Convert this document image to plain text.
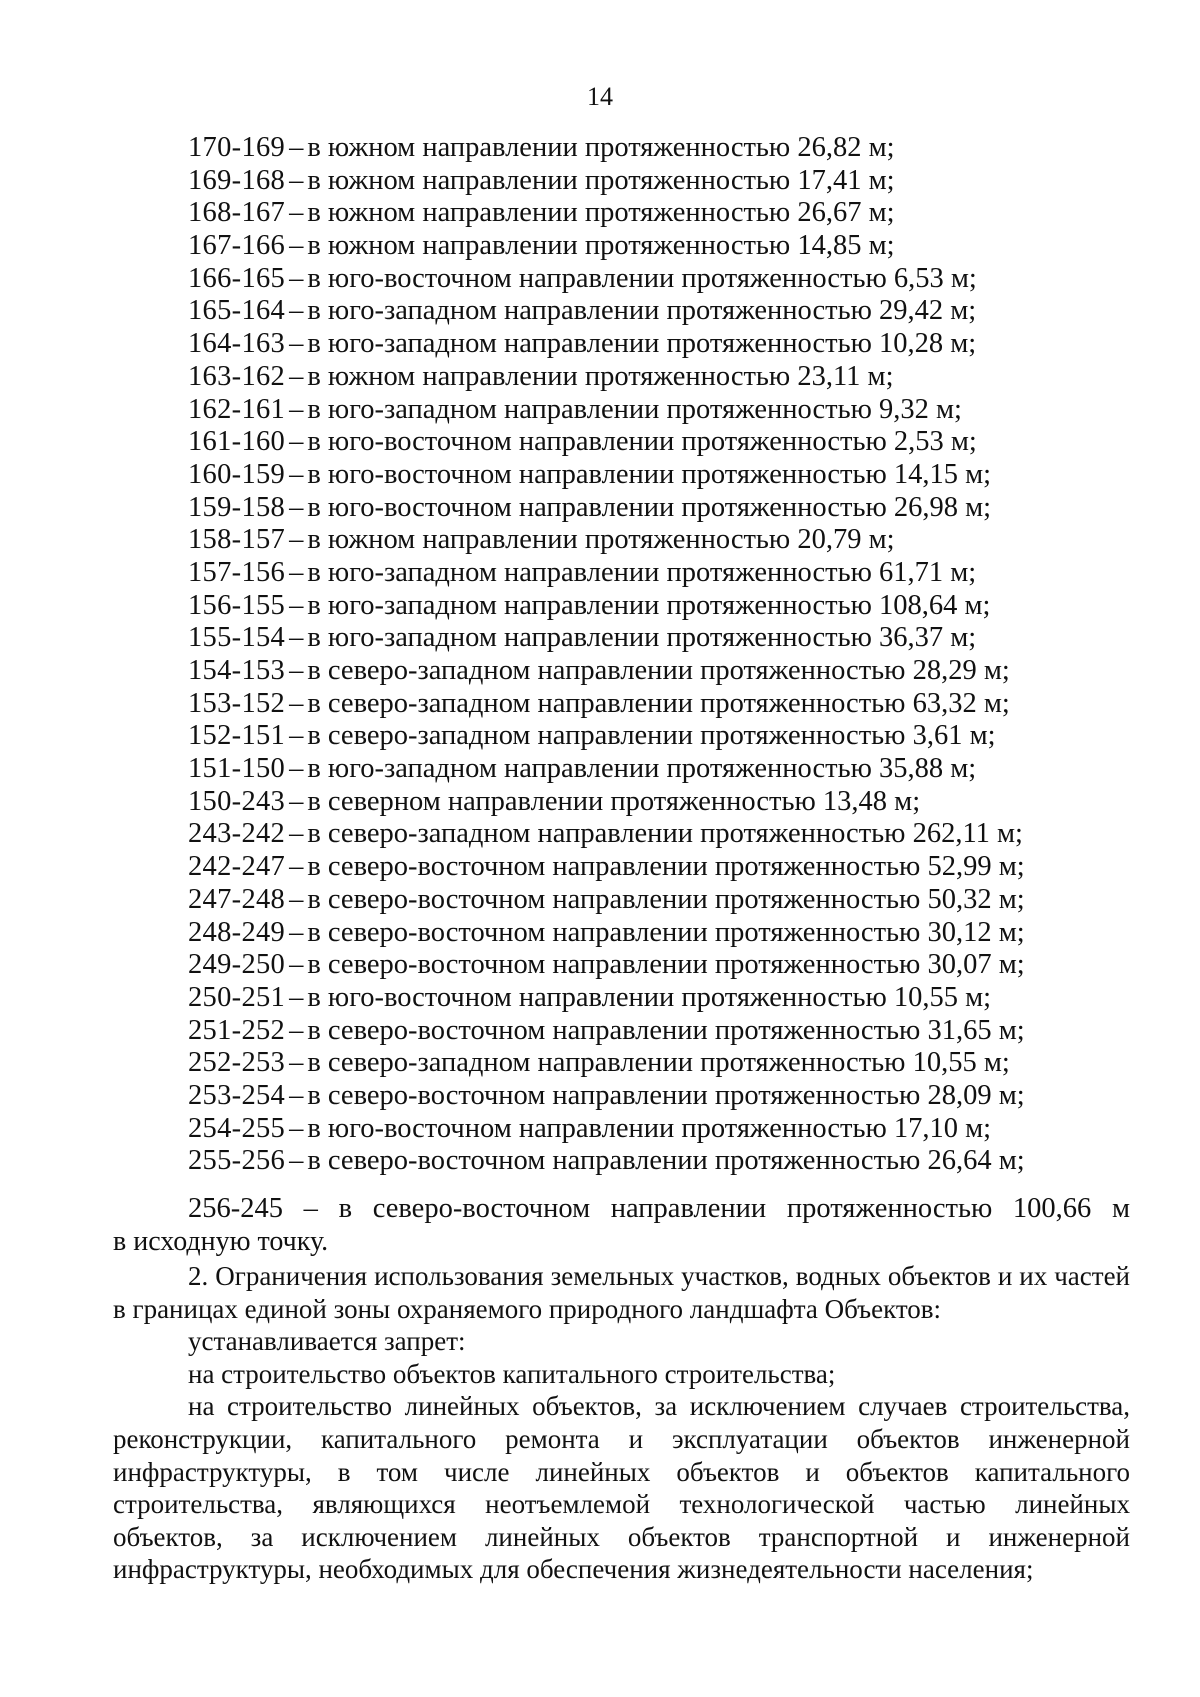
14
170-169 – в южном направлении протяженностью 26,82 м;
169-168 – в южном направлении протяженностью 17,41 м;
168-167 – в южном направлении протяженностью 26,67 м;
167-166 – в южном направлении протяженностью 14,85 м;
166-165 – в юго-восточном направлении протяженностью 6,53 м;
165-164 – в юго-западном направлении протяженностью 29,42 м;
164-163 – в юго-западном направлении протяженностью 10,28 м;
163-162 – в южном направлении протяженностью 23,11 м;
162-161 – в юго-западном направлении протяженностью 9,32 м;
161-160 – в юго-восточном направлении протяженностью 2,53 м;
160-159 – в юго-восточном направлении протяженностью 14,15 м;
159-158 – в юго-восточном направлении протяженностью 26,98 м;
158-157 – в южном направлении протяженностью 20,79 м;
157-156 – в юго-западном направлении протяженностью 61,71 м;
156-155 – в юго-западном направлении протяженностью 108,64 м;
155-154 – в юго-западном направлении протяженностью 36,37 м;
154-153 – в северо-западном направлении протяженностью 28,29 м;
153-152 – в северо-западном направлении протяженностью 63,32 м;
152-151 – в северо-западном направлении протяженностью 3,61 м;
151-150 – в юго-западном направлении протяженностью 35,88 м;
150-243 – в северном направлении протяженностью 13,48 м;
243-242 – в северо-западном направлении протяженностью 262,11 м;
242-247 – в северо-восточном направлении протяженностью 52,99 м;
247-248 – в северо-восточном направлении протяженностью 50,32 м;
248-249 – в северо-восточном направлении протяженностью 30,12 м;
249-250 – в северо-восточном направлении протяженностью 30,07 м;
250-251 – в юго-восточном направлении протяженностью 10,55 м;
251-252 – в северо-восточном направлении протяженностью 31,65 м;
252-253 – в северо-западном направлении протяженностью 10,55 м;
253-254 – в северо-восточном направлении протяженностью 28,09 м;
254-255 – в юго-восточном направлении протяженностью 17,10 м;
255-256 – в северо-восточном направлении протяженностью 26,64 м;
256-245 – в северо-восточном направлении протяженностью 100,66 м
в исходную точку.

2. Ограничения использования земельных участков, водных объектов и их частей в границах единой зоны охраняемого природного ландшафта Объектов:

устанавливается запрет:

на строительство объектов капитального строительства;

на строительство линейных объектов, за исключением случаев строительства, реконструкции, капитального ремонта и эксплуатации объектов инженерной инфраструктуры, в том числе линейных объектов и объектов капитального строительства, являющихся неотъемлемой технологической частью линейных объектов, за исключением линейных объектов транспортной и инженерной инфраструктуры, необходимых для обеспечения жизнедеятельности населения;
